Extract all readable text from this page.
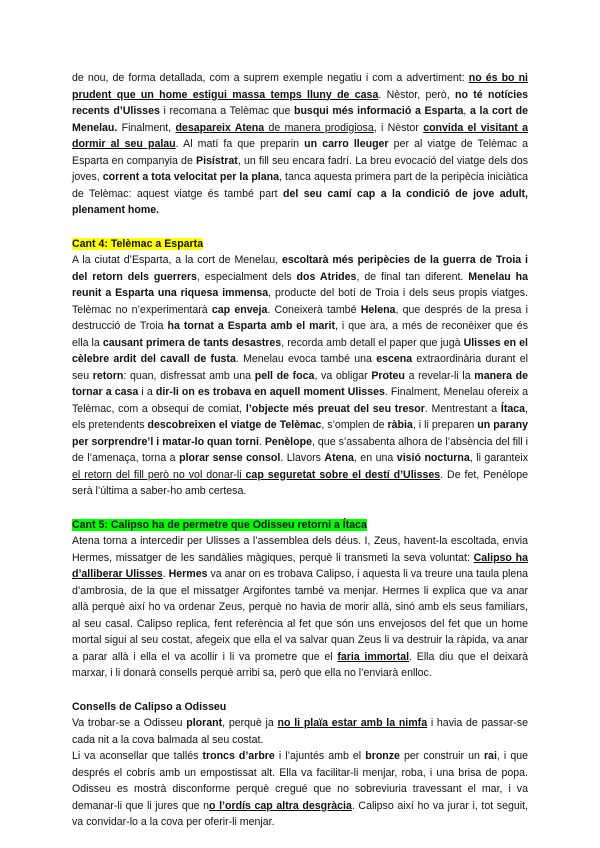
de nou, de forma detallada, com a suprem exemple negatiu i com a advertiment: no és bo ni prudent que un home estigui massa temps lluny de casa. Nèstor, però, no té notícies recents d’Ulisses i recomana a Telèmac que busqui més informació a Esparta, a la cort de Menelau. Finalment, desapareix Atena de manera prodigiosa, i Nèstor convida el visitant a dormir al seu palau. Al matí fa que preparin un carro lleuger per al viatge de Telèmac a Esparta en companyia de Pisístrat, un fill seu encara fadrí. La breu evocació del viatge dels dos joves, corrent a tota velocitat per la plana, tanca aquesta primera part de la peripècia iniciàtica de Telèmac: aquest viatge és també part del seu camí cap a la condició de jove adult, plenament home.

Cant 4: Telèmac a Esparta

A la ciutat d’Esparta, a la cort de Menelau, escoltarà més peripècies de la guerra de Troia i del retorn dels guerrers, especialment dels dos Atrides, de final tan diferent. Menelau ha reunit a Esparta una riquesa immensa, producte del botí de Troia i dels seus propis viatges. Telèmac no n’experimentarà cap enveja. Coneixerà també Helena, que després de la presa i destrucció de Troia ha tornat a Esparta amb el marit, i que ara, a més de reconèixer que és ella la causant primera de tants desastres, recorda amb detall el paper que jugà Ulisses en el cèlebre ardit del cavall de fusta. Menelau evoca també una escena extraordinària durant el seu retorn: quan, disfressat amb una pell de foca, va obligar Proteu a revelar-li la manera de tornar a casa i a dir-li on es trobava en aquell moment Ulisses. Finalment, Menelau ofereix a Telèmac, com a obsequi de comiat, l’objecte més preuat del seu tresor. Mentrestant a Ítaca, els pretendents descobreixen el viatge de Telèmac, s’omplen de ràbia, i li preparen un parany per sorprendre’l i matar-lo quan torni. Penèlope, que s’assabenta alhora de l’absència del fill i de l’amenaça, torna a plorar sense consol. Llavors Atena, en una visió nocturna, li garanteix el retorn del fill però no vol donar-li cap seguretat sobre el destí d’Ulisses. De fet, Penèlope serà l’última a saber-ho amb certesa.

Cant 5: Calipso ha de permetre que Odisseu retorni a Ítaca

Atena torna a intercedir per Ulisses a l’assemblea dels déus. I, Zeus, havent-la escoltada, envia Hermes, missatger de les sandàlies màgiques, perquè li transmeti la seva voluntat: Calipso ha d’alliberar Ulisses. Hermes va anar on es trobava Calipso, i aquesta li va treure una taula plena d’ambrosia, de la que el missatger Argifontes també va menjar. Hermes li explica que va anar allà perquè així ho va ordenar Zeus, perquè no havia de morir allà, sinó amb els seus familiars, al seu casal. Calipso replica, fent referència al fet que són uns envejosos del fet que un home mortal sigui al seu costat, afegeix que ella el va salvar quan Zeus li va destruir la ràpida, va anar a parar allà i ella el va acollir i li va prometre que el faria immortal. Ella diu que el deixarà marxar, i li donarà consells perquè arribi sa, però que ella no l’enviarà enlloc.

Consells de Calipso a Odisseu

Va trobar-se a Odisseu plorant, perquè ja no li plaïa estar amb la nimfa i havia de passar-se cada nit a la cova balmada al seu costat.

Li va aconsellar que tallés troncs d’arbre i l’ajuntés amb el bronze per construir un rai, i que després el cobrís amb un empostissat alt. Ella va facilitar-li menjar, roba, i una brisa de popa. Odisseu es mostrà disconforme perquè cregué que no sobreviuria travessant el mar, i va demanar-li que li jures que no l’ordís cap altra desgràcia. Calipso així ho va jurar i, tot seguit, va convidar-lo a la cova per oferir-li menjar.
